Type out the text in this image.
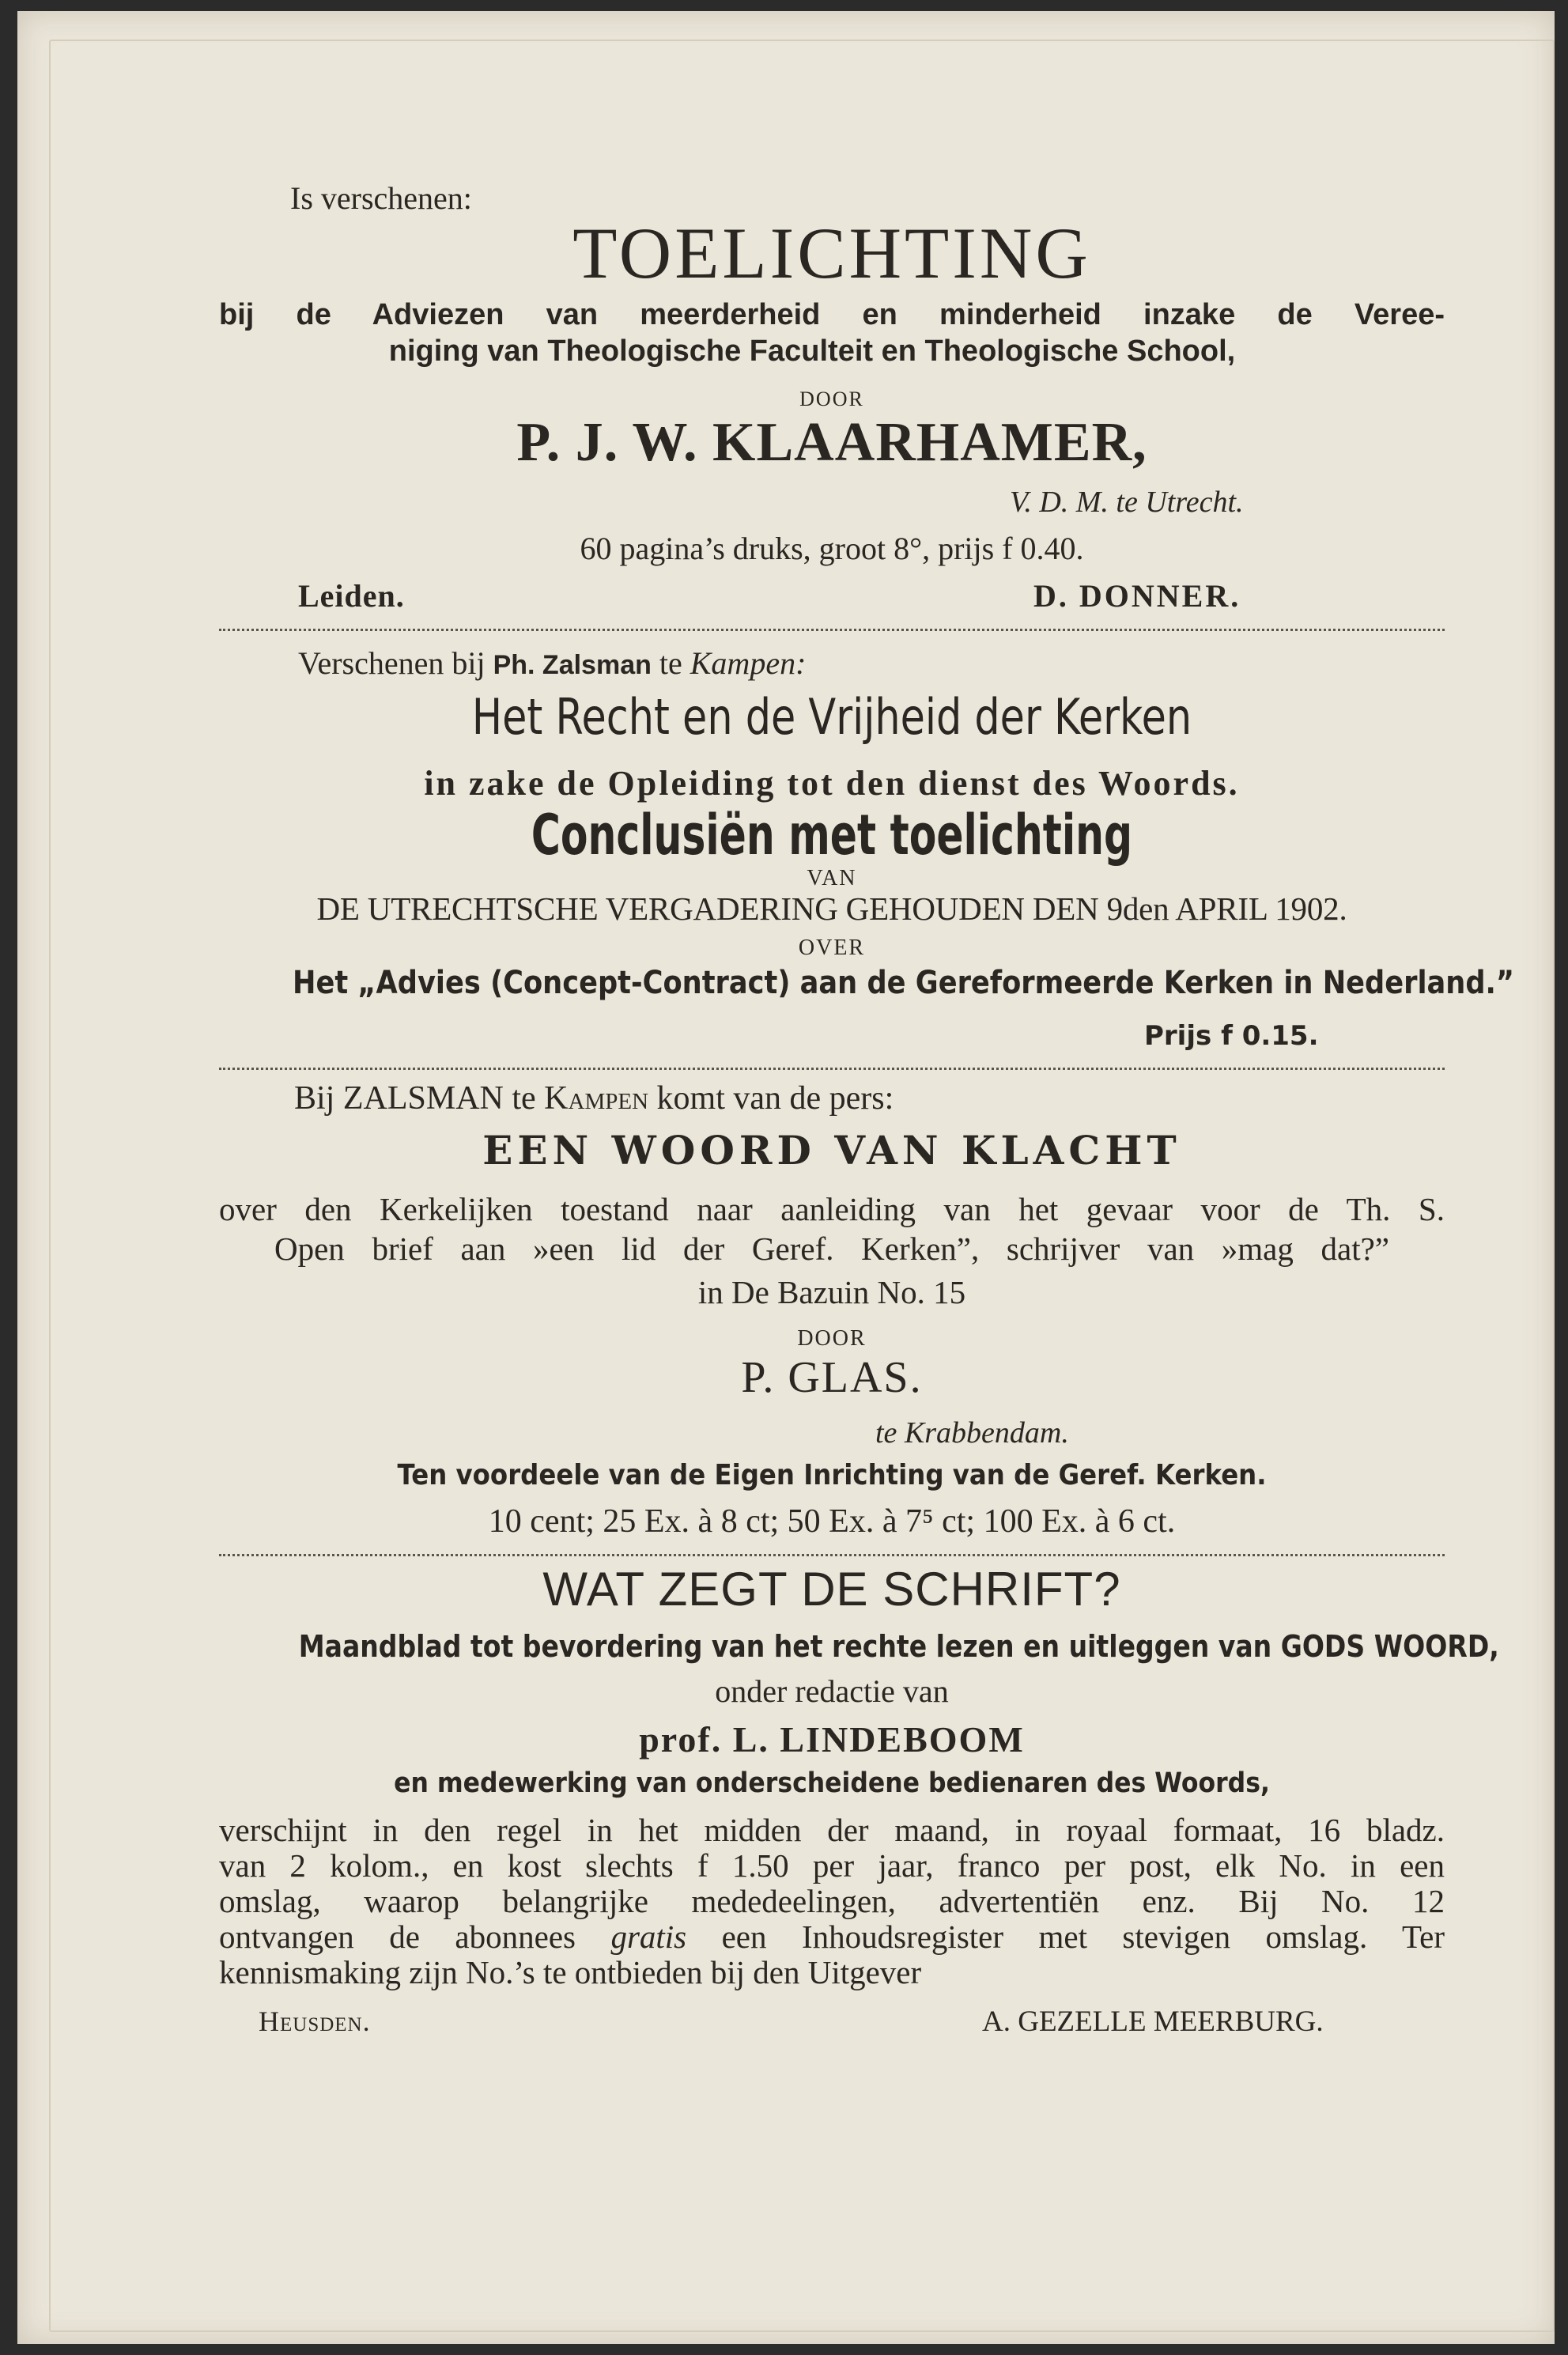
Is verschenen:
TOELICHTING
bij de Adviezen van meerderheid en minderheid inzake de Veree-
niging van Theologische Faculteit en Theologische School,
DOOR
P. J. W. KLAARHAMER,
V. D. M. te Utrecht.
60 pagina’s druks, groot 8°, prijs f 0.40.
Leiden.	D. DONNER.
Verschenen bij Ph. Zalsman te Kampen:
Het Recht en de Vrijheid der Kerken
in zake de Opleiding tot den dienst des Woords.
Conclusiën met toelichting
VAN
DE UTRECHTSCHE VERGADERING GEHOUDEN DEN 9den APRIL 1902.
OVER
Het „Advies (Concept-Contract) aan de Gereformeerde Kerken in Nederland.”
Prijs f 0.15.
Bij ZALSMAN te Kampen komt van de pers:
EEN WOORD VAN KLACHT
over den Kerkelijken toestand naar aanleiding van het gevaar voor de Th. S.
Open brief aan »een lid der Geref. Kerken”, schrijver van »mag dat?”
in De Bazuin No. 15
DOOR
P. GLAS.
te Krabbendam.
Ten voordeele van de Eigen Inrichting van de Geref. Kerken.
10 cent; 25 Ex. à 8 ct; 50 Ex. à 7⁵ ct; 100 Ex. à 6 ct.
WAT ZEGT DE SCHRIFT?
Maandblad tot bevordering van het rechte lezen en uitleggen van GODS WOORD,
onder redactie van
prof. L. LINDEBOOM
en medewerking van onderscheidene bedienaren des Woords,
verschijnt in den regel in het midden der maand, in royaal formaat, 16 bladz.
van 2 kolom., en kost slechts f 1.50 per jaar, franco per post, elk No. in een
omslag, waarop belangrijke mededeelingen, advertentiën enz. Bij No. 12
ontvangen de abonnees gratis een Inhoudsregister met stevigen omslag. Ter
kennismaking zijn No.’s te ontbieden bij den Uitgever
Heusden.	A. GEZELLE MEERBURG.
